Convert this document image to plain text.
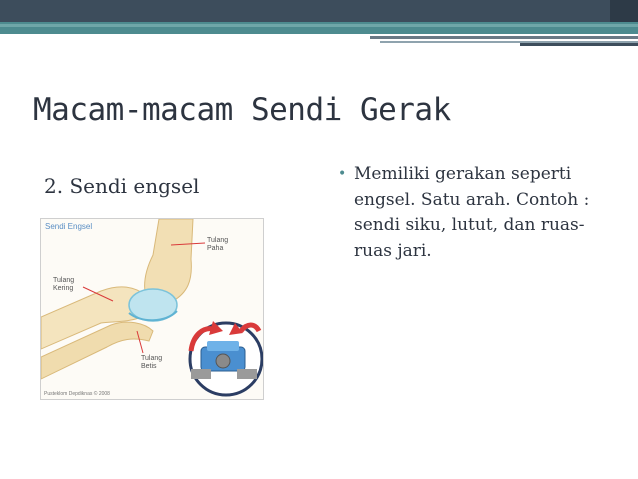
Macam-macam Sendi Gerak
2. Sendi engsel
Sendi Engsel
Tulang
Paha
Tulang
Kering
Tulang
Betis
Pusteklom Depdiknas © 2008
• Memiliki gerakan seperti engsel. Satu arah. Contoh : sendi siku, lutut, dan ruas-ruas jari.
